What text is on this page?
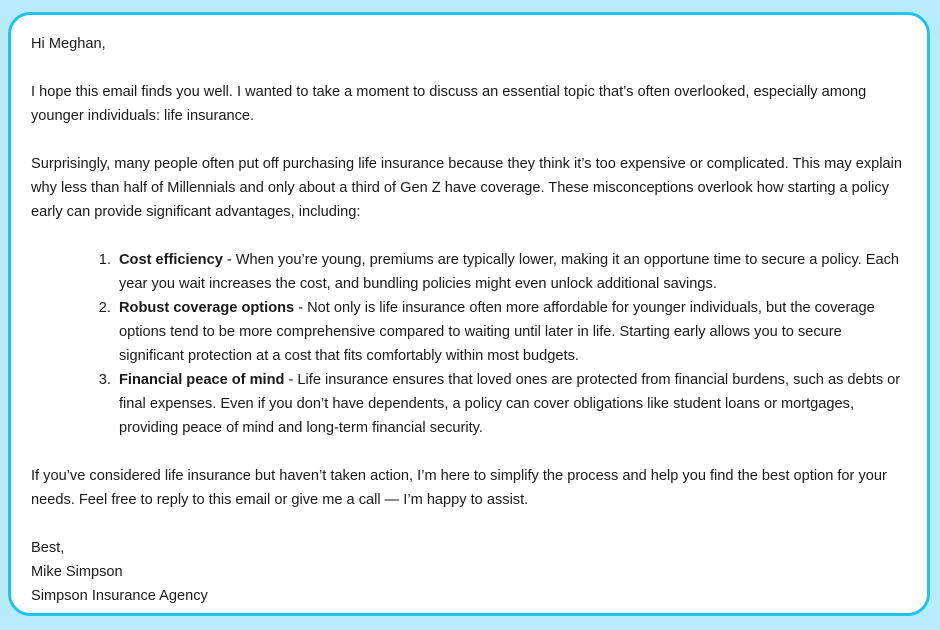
Hi Meghan,

I hope this email finds you well. I wanted to take a moment to discuss an essential topic that’s often overlooked, especially among younger individuals: life insurance.

Surprisingly, many people often put off purchasing life insurance because they think it’s too expensive or complicated. This may explain why less than half of Millennials and only about a third of Gen Z have coverage. These misconceptions overlook how starting a policy early can provide significant advantages, including:

1. Cost efficiency - When you’re young, premiums are typically lower, making it an opportune time to secure a policy. Each year you wait increases the cost, and bundling policies might even unlock additional savings.
2. Robust coverage options - Not only is life insurance often more affordable for younger individuals, but the coverage options tend to be more comprehensive compared to waiting until later in life. Starting early allows you to secure significant protection at a cost that fits comfortably within most budgets.
3. Financial peace of mind - Life insurance ensures that loved ones are protected from financial burdens, such as debts or final expenses. Even if you don’t have dependents, a policy can cover obligations like student loans or mortgages, providing peace of mind and long-term financial security.

If you’ve considered life insurance but haven’t taken action, I’m here to simplify the process and help you find the best option for your needs. Feel free to reply to this email or give me a call — I’m happy to assist.

Best,

Mike Simpson

Simpson Insurance Agency
